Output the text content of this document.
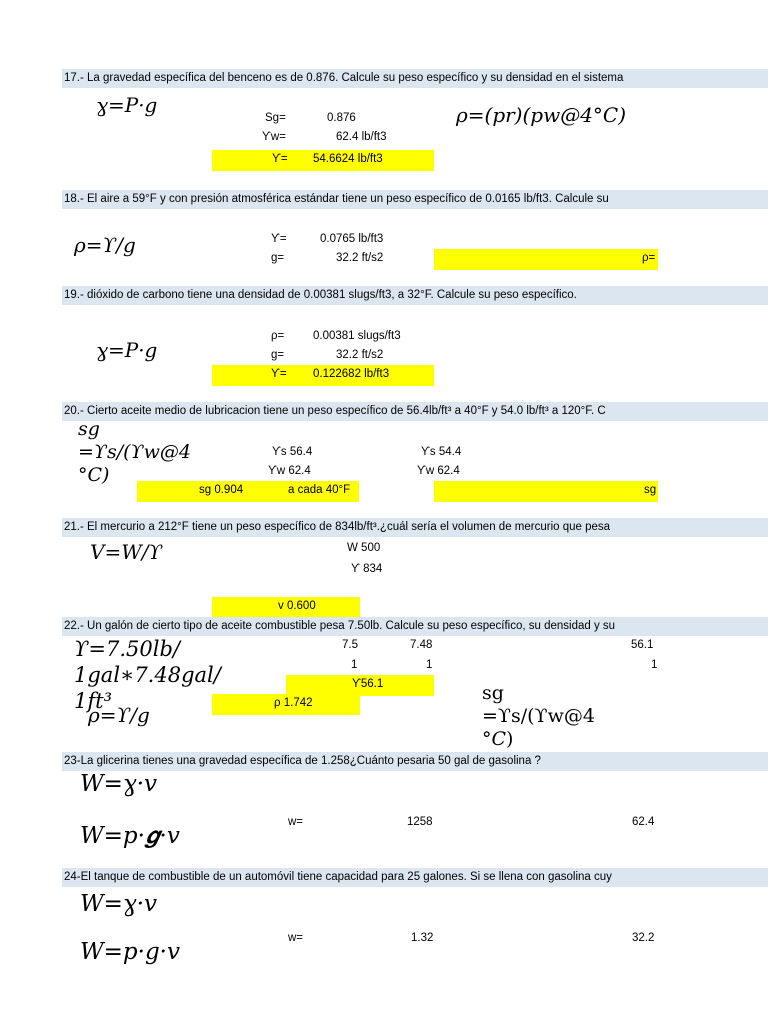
17.- La gravedad específica del benceno es de 0.876. Calcule su peso específico y su densidad en el sistema
ɣ=𝑃·𝑔	ρ=(𝑝𝑟)(𝑝𝑤@4°𝐶)
Sg=	0.876
ϒw=	62.4 lb/ft3
ϒ= 54.6624 lb/ft3
18.- El aire a 59°F y con presión atmosférica estándar tiene un peso específico de 0.0165 lb/ft3. Calcule su
ρ=ϒ/𝑔	ϒ=	0.0765 lb/ft3
g=	32.2 ft/s2	ρ=
19.- dióxido de carbono tiene una densidad de 0.00381 slugs/ft3, a 32°F. Calcule su peso específico.
ɣ=𝑃·𝑔
ρ= 0.00381 slugs/ft3
g=	32.2 ft/s2
ϒ= 0.122682 lb/ft3
20.- Cierto aceite medio de lubricacion tiene un peso específico de 56.4lb/ft³ a 40°F y 54.0 lb/ft³ a 120°F. C
sg
=ϒ𝑠/(ϒ𝑤@4
°𝐶)
ϒs 56.4
ϒw 62.4
ϒs 54.4
ϒw 62.4
sg 0.904	a cada 40°F	sg
21.- El mercurio a 212°F tiene un peso específico de 834lb/ft³.¿cuál sería el volumen de mercurio que pesa
V=𝑊/ϒ	W 500
ϒ 834
v 0.600
22.- Un galón de cierto tipo de aceite combustible pesa 7.50lb. Calcule su peso específico, su densidad y su
ϒ=7.50𝑙𝑏/
1𝑔𝑎𝑙∗7.48𝑔𝑎𝑙/
1𝑓𝑡³
7.5	7.48	56.1
1	1	1
ϒ56.1
ρ=ϒ/𝑔	ρ 1.742	sg
=ϒs/(ϒw@4
°𝐶)
23-La glicerina tienes una gravedad específica de 1.258¿Cuánto pesaria 50 gal de gasolina ?
W=ɣ·𝑣
W=𝑝·𝒈·𝑣
w=	1258	62.4
24-El tanque de combustible de un automóvil tiene capacidad para 25 galones. Si se llena con gasolina cuy
W=ɣ·𝑣
w=	1.32	32.2
W=𝑝·𝑔·𝑣
